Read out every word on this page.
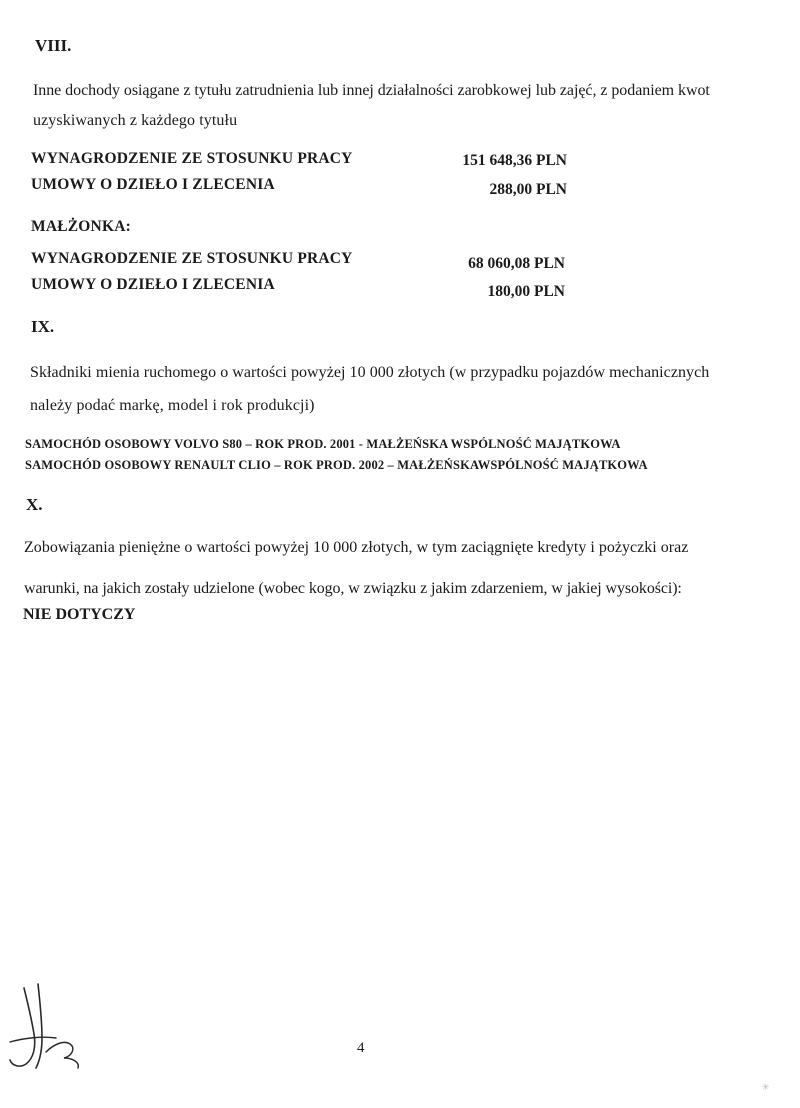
VIII.
Inne dochody osiągane z tytułu zatrudnienia lub innej działalności zarobkowej lub zajęć, z podaniem kwot
uzyskiwanych z każdego tytułu
WYNAGRODZENIE ZE STOSUNKU PRACY	151 648,36 PLN
UMOWY O DZIEŁO I ZLECENIA	288,00 PLN
MAŁŻONKA:
WYNAGRODZENIE ZE STOSUNKU PRACY	68 060,08 PLN
UMOWY O DZIEŁO I ZLECENIA	180,00 PLN
IX.
Składniki mienia ruchomego o wartości powyżej 10 000 złotych (w przypadku pojazdów mechanicznych
należy podać markę, model i rok produkcji)
SAMOCHÓD OSOBOWY VOLVO S80 – ROK PROD. 2001 - MAŁŻEŃSKA WSPÓLNOŚĆ MAJĄTKOWA
SAMOCHÓD OSOBOWY RENAULT CLIO – ROK PROD. 2002 – MAŁŻEŃSKAWSPÓLNOŚĆ MAJĄTKOWA
X.
Zobowiązania pieniężne o wartości powyżej 10 000 złotych, w tym zaciągnięte kredyty i pożyczki oraz
warunki, na jakich zostały udzielone (wobec kogo, w związku z jakim zdarzeniem, w jakiej wysokości):
NIE DOTYCZY
4
✳
